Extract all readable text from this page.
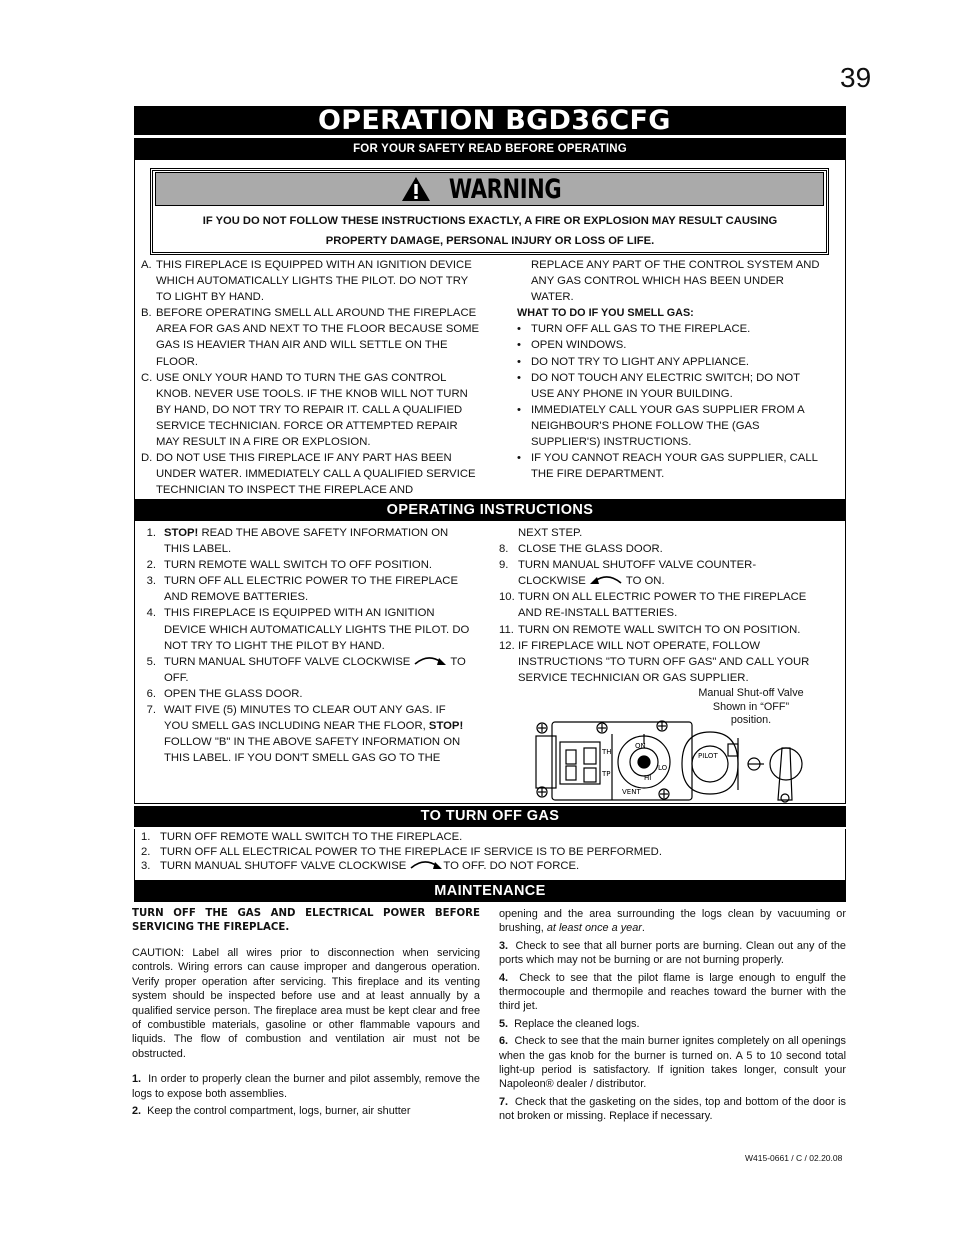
39
OPERATION BGD36CFG
FOR YOUR SAFETY READ BEFORE OPERATING
WARNING
IF YOU DO NOT FOLLOW THESE INSTRUCTIONS EXACTLY, A FIRE OR EXPLOSION MAY RESULT CAUSING
PROPERTY DAMAGE, PERSONAL INJURY OR LOSS OF LIFE.
A. THIS FIREPLACE IS EQUIPPED WITH AN IGNITION DEVICE
WHICH AUTOMATICALLY LIGHTS THE PILOT. DO NOT TRY
TO LIGHT BY HAND.
B. BEFORE OPERATING SMELL ALL AROUND THE FIREPLACE
AREA FOR GAS AND NEXT TO THE FLOOR BECAUSE SOME
GAS IS HEAVIER THAN AIR AND WILL SETTLE ON THE
FLOOR.
C. USE ONLY YOUR HAND TO TURN THE GAS CONTROL
KNOB. NEVER USE TOOLS. IF THE KNOB WILL NOT TURN
BY HAND, DO NOT TRY TO REPAIR IT. CALL A QUALIFIED
SERVICE TECHNICIAN. FORCE OR ATTEMPTED REPAIR
MAY RESULT IN A FIRE OR EXPLOSION.
D. DO NOT USE THIS FIREPLACE IF ANY PART HAS BEEN
UNDER WATER. IMMEDIATELY CALL A QUALIFIED SERVICE
TECHNICIAN TO INSPECT THE FIREPLACE AND
REPLACE ANY PART OF THE CONTROL SYSTEM AND
ANY GAS CONTROL WHICH HAS BEEN UNDER
WATER.
WHAT TO DO IF YOU SMELL GAS:
• TURN OFF ALL GAS TO THE FIREPLACE.
• OPEN WINDOWS.
• DO NOT TRY TO LIGHT ANY APPLIANCE.
• DO NOT TOUCH ANY ELECTRIC SWITCH; DO NOT
USE ANY PHONE IN YOUR BUILDING.
• IMMEDIATELY CALL YOUR GAS SUPPLIER FROM A
NEIGHBOUR'S PHONE FOLLOW THE (GAS
SUPPLIER'S) INSTRUCTIONS.
• IF YOU CANNOT REACH YOUR GAS SUPPLIER, CALL
THE FIRE DEPARTMENT.
OPERATING INSTRUCTIONS
1. STOP! READ THE ABOVE SAFETY INFORMATION ON
THIS LABEL.
2. TURN REMOTE WALL SWITCH TO OFF POSITION.
3. TURN OFF ALL ELECTRIC POWER TO THE FIREPLACE
AND REMOVE BATTERIES.
4. THIS FIREPLACE IS EQUIPPED WITH AN IGNITION
DEVICE WHICH AUTOMATICALLY LIGHTS THE PILOT. DO
NOT TRY TO LIGHT THE PILOT BY HAND.
5. TURN MANUAL SHUTOFF VALVE CLOCKWISE	TO
OFF.
6. OPEN THE GLASS DOOR.
7. WAIT FIVE (5) MINUTES TO CLEAR OUT ANY GAS. IF
YOU SMELL GAS INCLUDING NEAR THE FLOOR, STOP!
FOLLOW "B" IN THE ABOVE SAFETY INFORMATION ON
THIS LABEL. IF YOU DON'T SMELL GAS GO TO THE
NEXT STEP.
8. CLOSE THE GLASS DOOR.
9. TURN MANUAL SHUTOFF VALVE COUNTER-
CLOCKWISE	TO ON.
10. TURN ON ALL ELECTRIC POWER TO THE FIREPLACE
AND RE-INSTALL BATTERIES.
11. TURN ON REMOTE WALL SWITCH TO ON POSITION.
12. IF FIREPLACE WILL NOT OPERATE, FOLLOW
INSTRUCTIONS "TO TURN OFF GAS" AND CALL YOUR
SERVICE TECHNICIAN OR GAS SUPPLIER.
Manual Shut-off Valve
Shown in “OFF”
position.
TH
TP
VENT
PILOT
ON
LO
HI
TO TURN OFF GAS
1. TURN OFF REMOTE WALL SWITCH TO THE FIREPLACE.
2. TURN OFF ALL ELECTRICAL POWER TO THE FIREPLACE IF SERVICE IS TO BE PERFORMED.
3. TURN MANUAL SHUTOFF VALVE CLOCKWISE	TO OFF. DO NOT FORCE.
MAINTENANCE

TURN OFF THE GAS AND ELECTRICAL POWER BEFORE SERVICING THE FIREPLACE.

CAUTION: Label all wires prior to disconnection when servicing controls. Wiring errors can cause improper and dangerous operation. Verify proper operation after servicing. This fireplace and its venting system should be inspected before use and at least annually by a qualified service person. The fireplace area must be kept clear and free of combustible materials, gasoline or other flammable vapours and liquids. The flow of combustion and ventilation air must not be obstructed.

1. In order to properly clean the burner and pilot assembly, remove the logs to expose both assemblies.

2. Keep the control compartment, logs, burner, air shutter

opening and the area surrounding the logs clean by vacuuming or brushing, at least once a year.

3. Check to see that all burner ports are burning. Clean out any of the ports which may not be burning or are not burning properly.

4. Check to see that the pilot flame is large enough to engulf the thermocouple and thermopile and reaches toward the burner with the third jet.

5. Replace the cleaned logs.

6. Check to see that the main burner ignites completely on all openings when the gas knob for the burner is turned on. A 5 to 10 second total light-up period is satisfactory. If ignition takes longer, consult your Napoleon® dealer / distributor.

7. Check that the gasketing on the sides, top and bottom of the door is not broken or missing. Replace if necessary.

W415-0661 / C / 02.20.08
